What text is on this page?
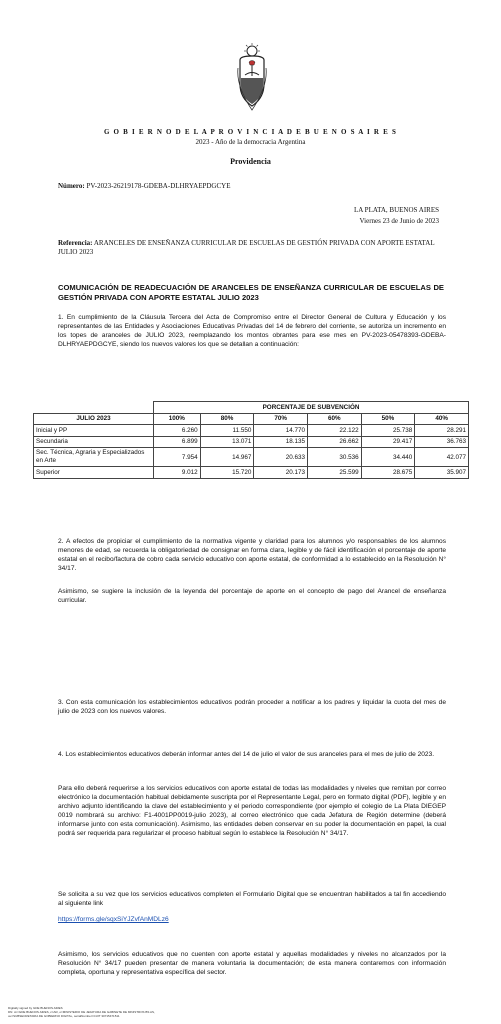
G O B I E R N O D E L A P R O V I N C I A D E B U E N O S A I R E S
2023 - Año de la democracia Argentina
Providencia
Número: PV-2023-26219178-GDEBA-DLHRYAEPDGCYE
LA PLATA, BUENOS AIRES
Viernes 23 de Junio de 2023
Referencia: ARANCELES DE ENSEÑANZA CURRICULAR DE ESCUELAS DE GESTIÓN PRIVADA CON APORTE ESTATAL JULIO 2023
COMUNICACIÓN DE READECUACIÓN DE ARANCELES DE ENSEÑANZA CURRICULAR DE ESCUELAS DE GESTIÓN PRIVADA CON APORTE ESTATAL JULIO 2023
1. En cumplimiento de la Cláusula Tercera del Acta de Compromiso entre el Director General de Cultura y Educación y los representantes de las Entidades y Asociaciones Educativas Privadas del 14 de febrero del corriente, se autoriza un incremento en los topes de aranceles de JULIO 2023, reemplazando los montos obrantes para ese mes en PV-2023-05478393-GDEBA- DLHRYAEPDGCYE, siendo los nuevos valores los que se detallan a continuación:
	PORCENTAJE DE SUBVENCIÓN					
JULIO 2023	100%	80%	70%	60%	50%	40%
Inicial y PP	6.260	11.550	14.770	22.122	25.738	28.291
Secundaria	6.899	13.071	18.135	26.662	29.417	36.763
Sec. Técnica, Agraria y Especializados en Arte	7.954	14.967	20.633	30.536	34.440	42.077
Superior	9.012	15.720	20.173	25.599	28.675	35.907
2. A efectos de propiciar el cumplimiento de la normativa vigente y claridad para los alumnos y/o responsables de los alumnos menores de edad, se recuerda la obligatoriedad de consignar en forma clara, legible y de fácil identificación el porcentaje de aporte estatal en el recibo/factura de cobro cada servicio educativo con aporte estatal, de conformidad a lo establecido en la Resolución N° 34/17.
Asimismo, se sugiere la inclusión de la leyenda del porcentaje de aporte en el concepto de pago del Arancel de enseñanza curricular.
3. Con esta comunicación los establecimientos educativos podrán proceder a notificar a los padres y liquidar la cuota del mes de julio de 2023 con los nuevos valores.
4. Los establecimientos educativos deberán informar antes del 14 de julio el valor de sus aranceles para el mes de julio de 2023.
Para ello deberá requerirse a los servicios educativos con aporte estatal de todas las modalidades y niveles que remitan por correo electrónico la documentación habitual debidamente suscripta por el Representante Legal, pero en formato digital (PDF), legible y en archivo adjunto identificando la clave del establecimiento y el periodo correspondiente (por ejemplo el colegio de La Plata DIEGEP 0019 nombrará su archivo: F1-4001PP0019-julio 2023), al correo electrónico que cada Jefatura de Región determine (deberá informarse junto con esta comunicación). Asimismo, las entidades deben conservar en su poder la documentación en papel, la cual podrá ser requerida para regularizar el proceso habitual según lo establece la Resolución N° 34/17.
Se solicita a su vez que los servicios educativos completen el Formulario Digital que se encuentran habilitados a tal fin accediendo al siguiente link
https://forms.gle/sqxSiYJZvfAnMDLz6
Asimismo, los servicios educativos que no cuenten con aporte estatal y aquellas modalidades y niveles no alcanzados por la Resolución N° 34/17 pueden presentar de manera voluntaria la documentación; de esta manera contaremos con información completa, oportuna y representativa específica del sector.
Digitally signed by GDE BUENOS AIRES
DN: cn=GDE BUENOS AIRES, c=AR, o=MINISTERIO DE JEFATURA DE GABINETE DE MINISTROS BS AS,
ou=SUBSECRETARIA DE GOBIERNO DIGITAL, serialNumber=CUIT 30715471511
